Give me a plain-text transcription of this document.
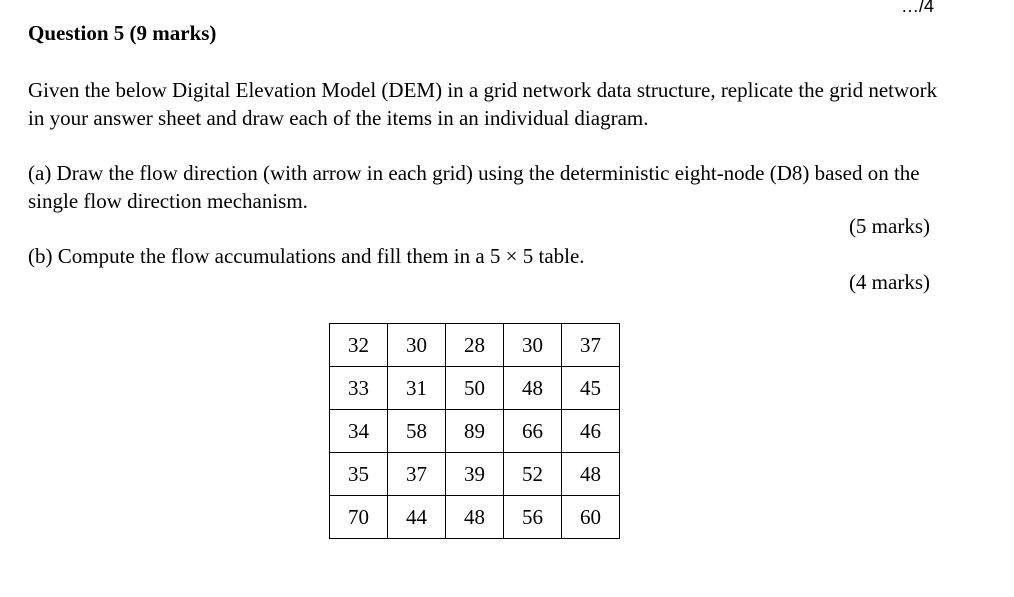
…/4
Question 5 (9 marks)

Given the below Digital Elevation Model (DEM) in a grid network data structure, replicate the grid network in your answer sheet and draw each of the items in an individual diagram.

(a) Draw the flow direction (with arrow in each grid) using the deterministic eight-node (D8) based on the single flow direction mechanism.

(5 marks)

(b) Compute the flow accumulations and fill them in a 5 × 5 table.

(4 marks)

32	30	28	30	37
33	31	50	48	45
34	58	89	66	46
35	37	39	52	48
70	44	48	56	60
